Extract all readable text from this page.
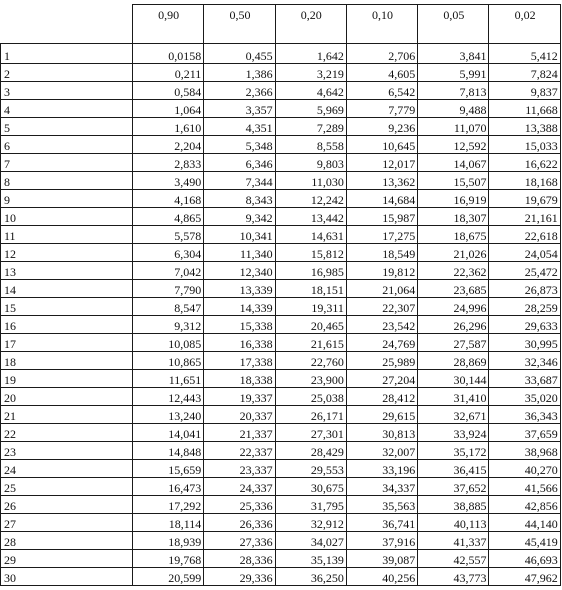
	0,90	0,50	0,20	0,10	0,05	0,02
1	0,0158	0,455	1,642	2,706	3,841	5,412
2	0,211	1,386	3,219	4,605	5,991	7,824
3	0,584	2,366	4,642	6,542	7,813	9,837
4	1,064	3,357	5,969	7,779	9,488	11,668
5	1,610	4,351	7,289	9,236	11,070	13,388
6	2,204	5,348	8,558	10,645	12,592	15,033
7	2,833	6,346	9,803	12,017	14,067	16,622
8	3,490	7,344	11,030	13,362	15,507	18,168
9	4,168	8,343	12,242	14,684	16,919	19,679
10	4,865	9,342	13,442	15,987	18,307	21,161
11	5,578	10,341	14,631	17,275	18,675	22,618
12	6,304	11,340	15,812	18,549	21,026	24,054
13	7,042	12,340	16,985	19,812	22,362	25,472
14	7,790	13,339	18,151	21,064	23,685	26,873
15	8,547	14,339	19,311	22,307	24,996	28,259
16	9,312	15,338	20,465	23,542	26,296	29,633
17	10,085	16,338	21,615	24,769	27,587	30,995
18	10,865	17,338	22,760	25,989	28,869	32,346
19	11,651	18,338	23,900	27,204	30,144	33,687
20	12,443	19,337	25,038	28,412	31,410	35,020
21	13,240	20,337	26,171	29,615	32,671	36,343
22	14,041	21,337	27,301	30,813	33,924	37,659
23	14,848	22,337	28,429	32,007	35,172	38,968
24	15,659	23,337	29,553	33,196	36,415	40,270
25	16,473	24,337	30,675	34,337	37,652	41,566
26	17,292	25,336	31,795	35,563	38,885	42,856
27	18,114	26,336	32,912	36,741	40,113	44,140
28	18,939	27,336	34,027	37,916	41,337	45,419
29	19,768	28,336	35,139	39,087	42,557	46,693
30	20,599	29,336	36,250	40,256	43,773	47,962
